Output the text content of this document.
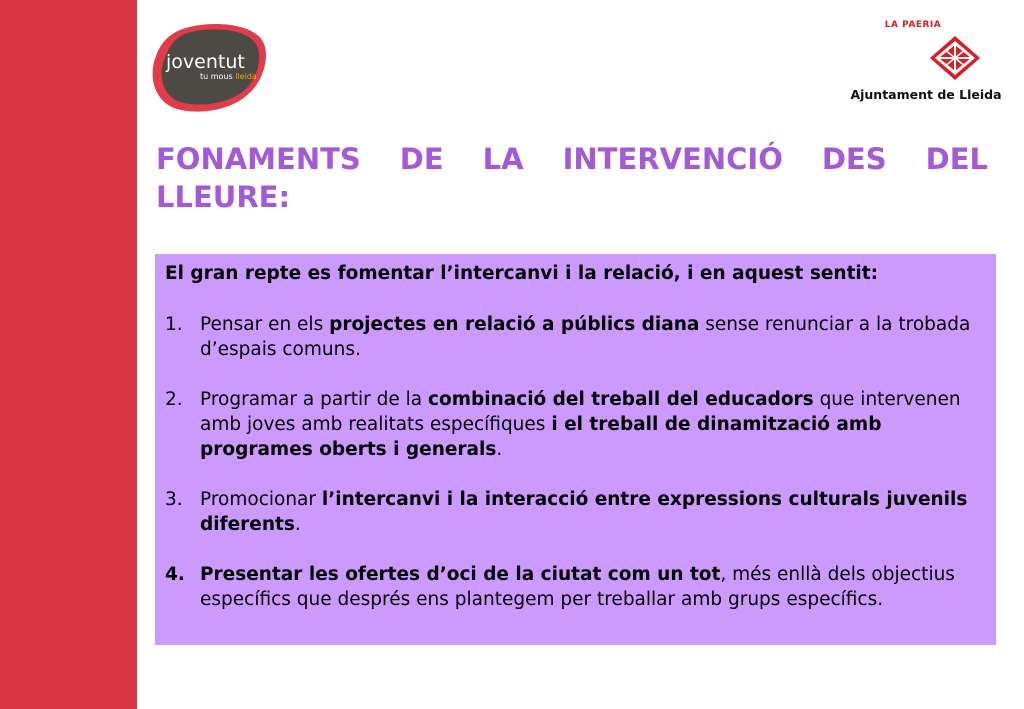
joventut
tu mous lleida
LA PAERIA
Ajuntament de Lleida
FONAMENTS DE LA INTERVENCIÓ DES DEL
LLEURE:

El gran repte es fomentar l’intercanvi i la relació, i en aquest sentit:

1. Pensar en els projectes en relació a públics diana sense renunciar a la trobada d’espais comuns.
2. Programar a partir de la combinació del treball del educadors que intervenen amb joves amb realitats específiques i el treball de dinamització amb programes oberts i generals.
3. Promocionar l’intercanvi i la interacció entre expressions culturals juvenils diferents.
4. Presentar les ofertes d’oci de la ciutat com un tot, més enllà dels objectius específics que després ens plantegem per treballar amb grups específics.
